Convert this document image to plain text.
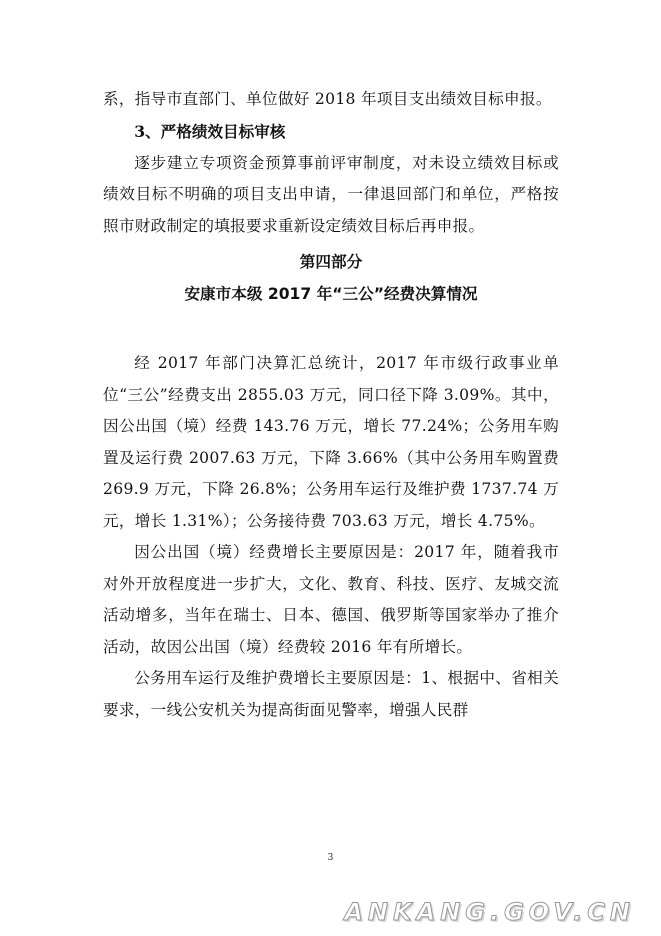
系，指导市直部门、单位做好 2018 年项目支出绩效目标申报。

3、严格绩效目标审核

逐步建立专项资金预算事前评审制度，对未设立绩效目标或绩效目标不明确的项目支出申请，一律退回部门和单位，严格按照市财政制定的填报要求重新设定绩效目标后再申报。

第四部分

安康市本级 2017 年“三公”经费决算情况

经 2017 年部门决算汇总统计，2017 年市级行政事业单位“三公”经费支出 2855.03 万元，同口径下降 3.09%。其中，因公出国（境）经费 143.76 万元，增长 77.24%；公务用车购置及运行费 2007.63 万元，下降 3.66%（其中公务用车购置费 269.9 万元，下降 26.8%；公务用车运行及维护费 1737.74 万元，增长 1.31%）；公务接待费 703.63 万元，增长 4.75%。

因公出国（境）经费增长主要原因是：2017 年，随着我市对外开放程度进一步扩大，文化、教育、科技、医疗、友城交流活动增多，当年在瑞士、日本、德国、俄罗斯等国家举办了推介活动，故因公出国（境）经费较 2016 年有所增长。

公务用车运行及维护费增长主要原因是：1、根据中、省相关要求，一线公安机关为提高街面见警率，增强人民群

3
ANKANG.GOV.CN
